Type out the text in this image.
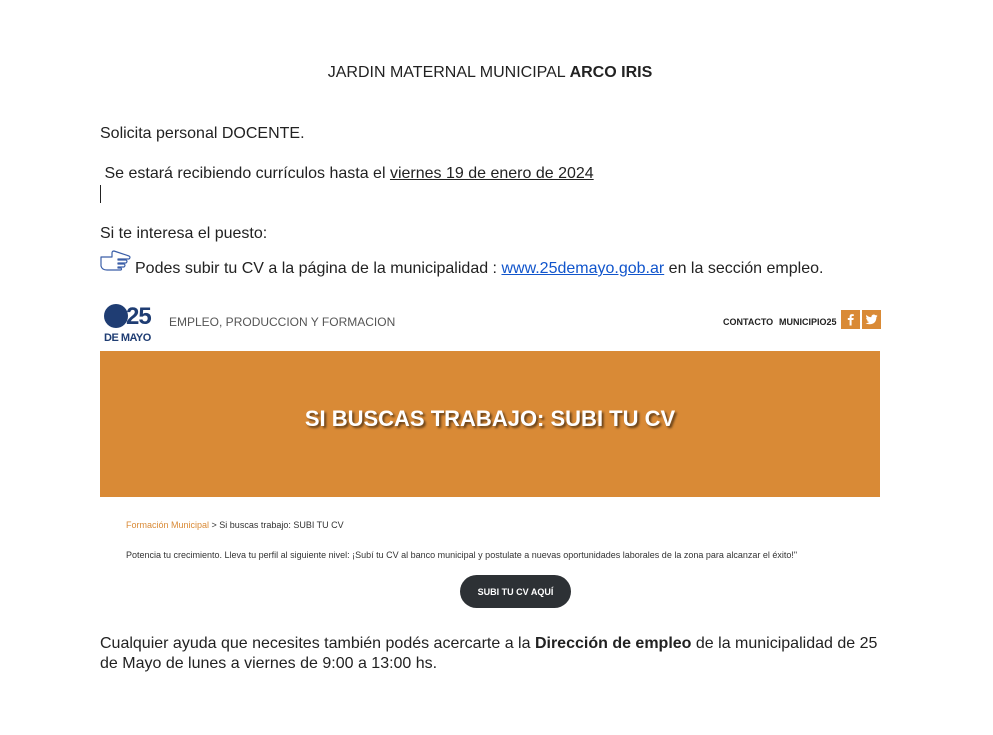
JARDIN MATERNAL MUNICIPAL ARCO IRIS
Solicita personal DOCENTE.
Se estará recibiendo currículos hasta el viernes 19 de enero de 2024
Si te interesa el puesto:
Podes subir tu CV a la página de la municipalidad : www.25demayo.gob.ar en la sección empleo.
25
DE MAYO
EMPLEO, PRODUCCION Y FORMACION	CONTACTO MUNICIPIO25
SI BUSCAS TRABAJO: SUBI TU CV
Formación Municipal > Si buscas trabajo: SUBI TU CV
Potencia tu crecimiento. Lleva tu perfil al siguiente nivel: ¡Subí tu CV al banco municipal y postulate a nuevas oportunidades laborales de la zona para alcanzar el éxito!"
SUBI TU CV AQUÍ
Cualquier ayuda que necesites también podés acercarte a la Dirección de empleo de la municipalidad de 25 de Mayo de lunes a viernes de 9:00 a 13:00 hs.
